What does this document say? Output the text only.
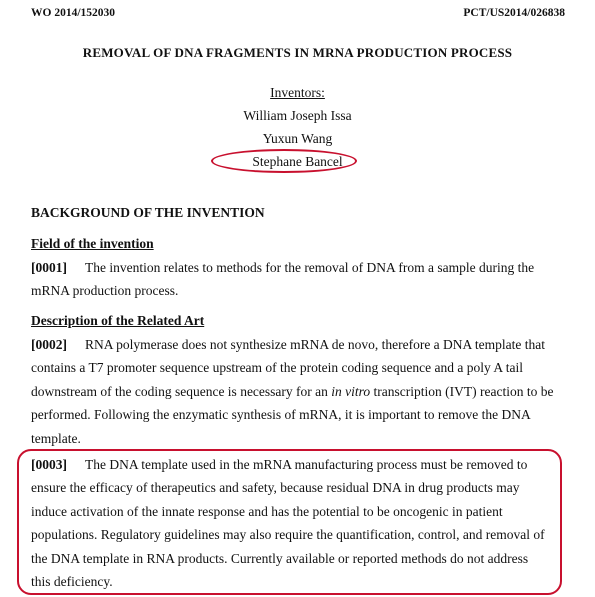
WO 2014/152030	PCT/US2014/026838
REMOVAL OF DNA FRAGMENTS IN MRNA PRODUCTION PROCESS
Inventors:
William Joseph Issa
Yuxun Wang
Stephane Bancel
BACKGROUND OF THE INVENTION
Field of the invention
[0001] The invention relates to methods for the removal of DNA from a sample during the mRNA production process.
Description of the Related Art
[0002] RNA polymerase does not synthesize mRNA de novo, therefore a DNA template that contains a T7 promoter sequence upstream of the protein coding sequence and a poly A tail downstream of the coding sequence is necessary for an in vitro transcription (IVT) reaction to be performed. Following the enzymatic synthesis of mRNA, it is important to remove the DNA template.
[0003] The DNA template used in the mRNA manufacturing process must be removed to ensure the efficacy of therapeutics and safety, because residual DNA in drug products may induce activation of the innate response and has the potential to be oncogenic in patient populations. Regulatory guidelines may also require the quantification, control, and removal of the DNA template in RNA products. Currently available or reported methods do not address this deficiency.
